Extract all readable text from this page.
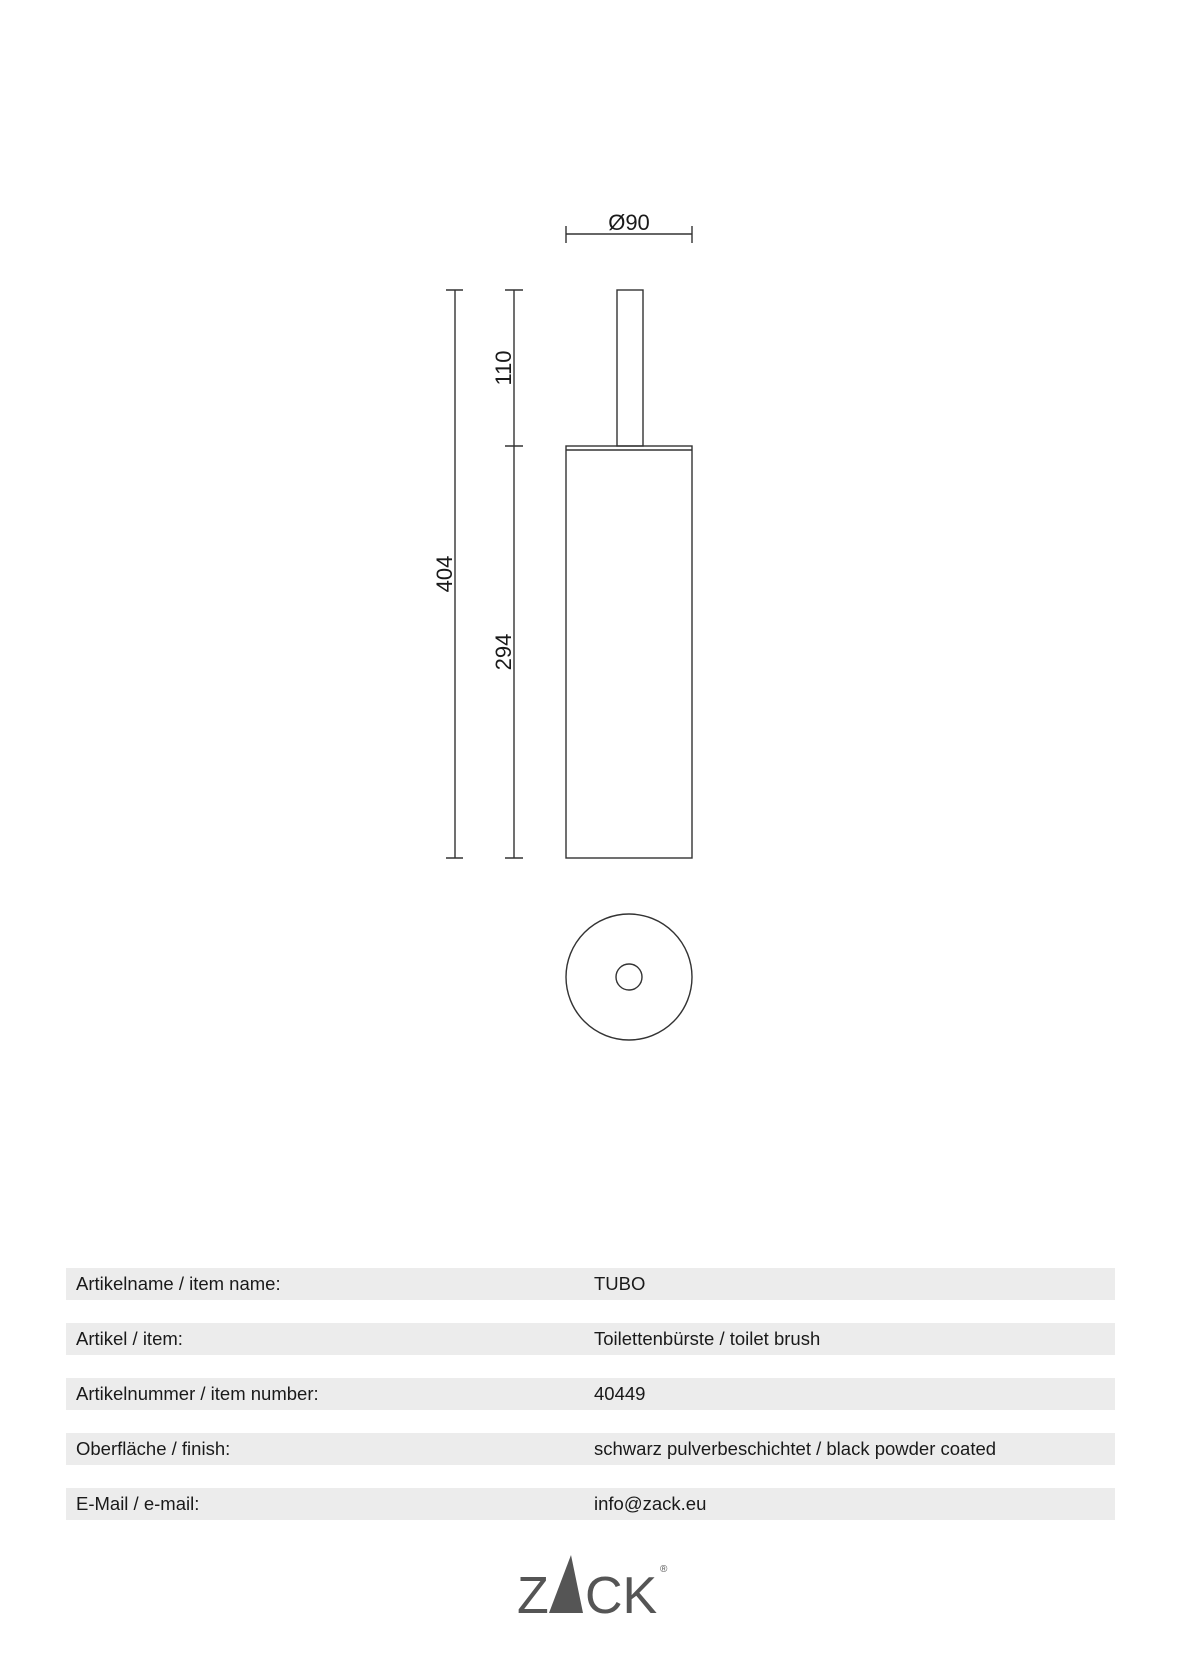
Ø90
404
110
294
Artikelname / item name:	TUBO
Artikel / item:	Toilettenbürste / toilet brush
Artikelnummer / item number:	40449
Oberfläche / finish:	schwarz pulverbeschichtet / black powder coated
E-Mail / e-mail:	info@zack.eu
Z CK ®
